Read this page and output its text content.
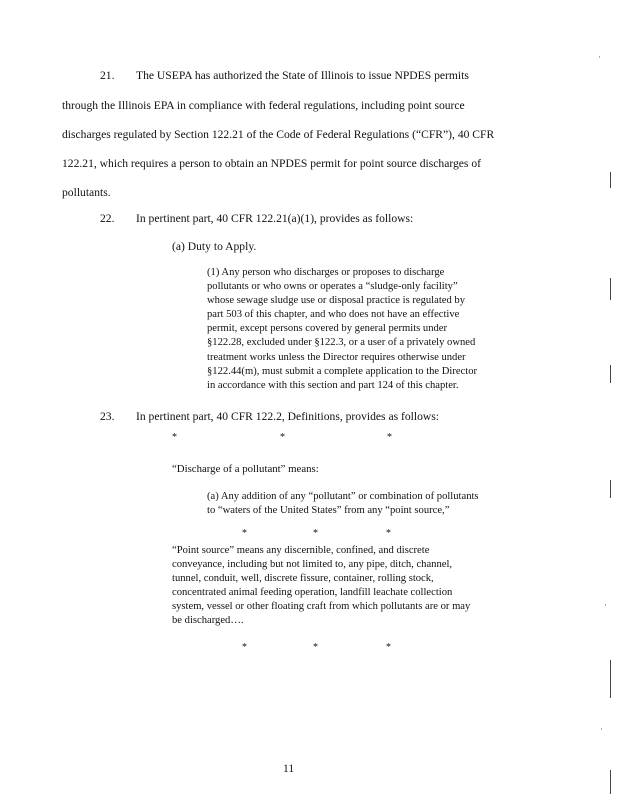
21. The USEPA has authorized the State of Illinois to issue NPDES permits
through the Illinois EPA in compliance with federal regulations, including point source
discharges regulated by Section 122.21 of the Code of Federal Regulations (“CFR”), 40 CFR
122.21, which requires a person to obtain an NPDES permit for point source discharges of
pollutants.
22. In pertinent part, 40 CFR 122.21(a)(1), provides as follows:
(a) Duty to Apply.
(1) Any person who discharges or proposes to discharge
pollutants or who owns or operates a “sludge-only facility”
whose sewage sludge use or disposal practice is regulated by
part 503 of this chapter, and who does not have an effective
permit, except persons covered by general permits under
§122.28, excluded under §122.3, or a user of a privately owned
treatment works unless the Director requires otherwise under
§122.44(m), must submit a complete application to the Director
in accordance with this section and part 124 of this chapter.
23. In pertinent part, 40 CFR 122.2, Definitions, provides as follows:
*	*	*
“Discharge of a pollutant” means:
(a) Any addition of any “pollutant” or combination of pollutants
to “waters of the United States” from any “point source,”
*	*	*
“Point source” means any discernible, confined, and discrete
conveyance, including but not limited to, any pipe, ditch, channel,
tunnel, conduit, well, discrete fissure, container, rolling stock,
concentrated animal feeding operation, landfill leachate collection
system, vessel or other floating craft from which pollutants are or may
be discharged….
*	*	*
11
·
·
·
